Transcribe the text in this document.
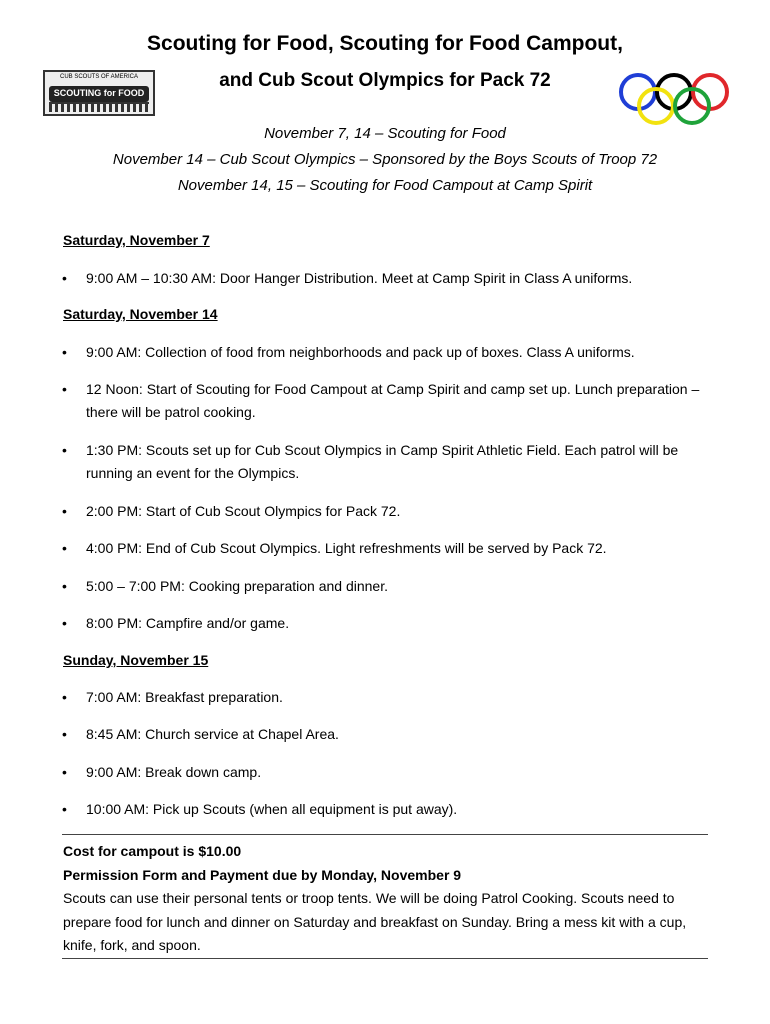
Scouting for Food, Scouting for Food Campout,
and Cub Scout Olympics for Pack 72
CUB SCOUTS OF AMERICA
SCOUTING for FOOD
November 7, 14 – Scouting for Food
November 14 – Cub Scout Olympics – Sponsored by the Boys Scouts of Troop 72
November 14, 15 – Scouting for Food Campout at Camp Spirit
Saturday, November 7
• 9:00 AM – 10:30 AM: Door Hanger Distribution. Meet at Camp Spirit in Class A uniforms.
Saturday, November 14
• 9:00 AM: Collection of food from neighborhoods and pack up of boxes. Class A uniforms.
• 12 Noon: Start of Scouting for Food Campout at Camp Spirit and camp set up. Lunch preparation – there will be patrol cooking.
• 1:30 PM: Scouts set up for Cub Scout Olympics in Camp Spirit Athletic Field. Each patrol will be running an event for the Olympics.
• 2:00 PM: Start of Cub Scout Olympics for Pack 72.
• 4:00 PM: End of Cub Scout Olympics. Light refreshments will be served by Pack 72.
• 5:00 – 7:00 PM: Cooking preparation and dinner.
• 8:00 PM: Campfire and/or game.
Sunday, November 15
• 7:00 AM: Breakfast preparation.
• 8:45 AM: Church service at Chapel Area.
• 9:00 AM: Break down camp.
• 10:00 AM: Pick up Scouts (when all equipment is put away).
Cost for campout is $10.00
Permission Form and Payment due by Monday, November 9
Scouts can use their personal tents or troop tents. We will be doing Patrol Cooking. Scouts need to prepare food for lunch and dinner on Saturday and breakfast on Sunday. Bring a mess kit with a cup, knife, fork, and spoon.
